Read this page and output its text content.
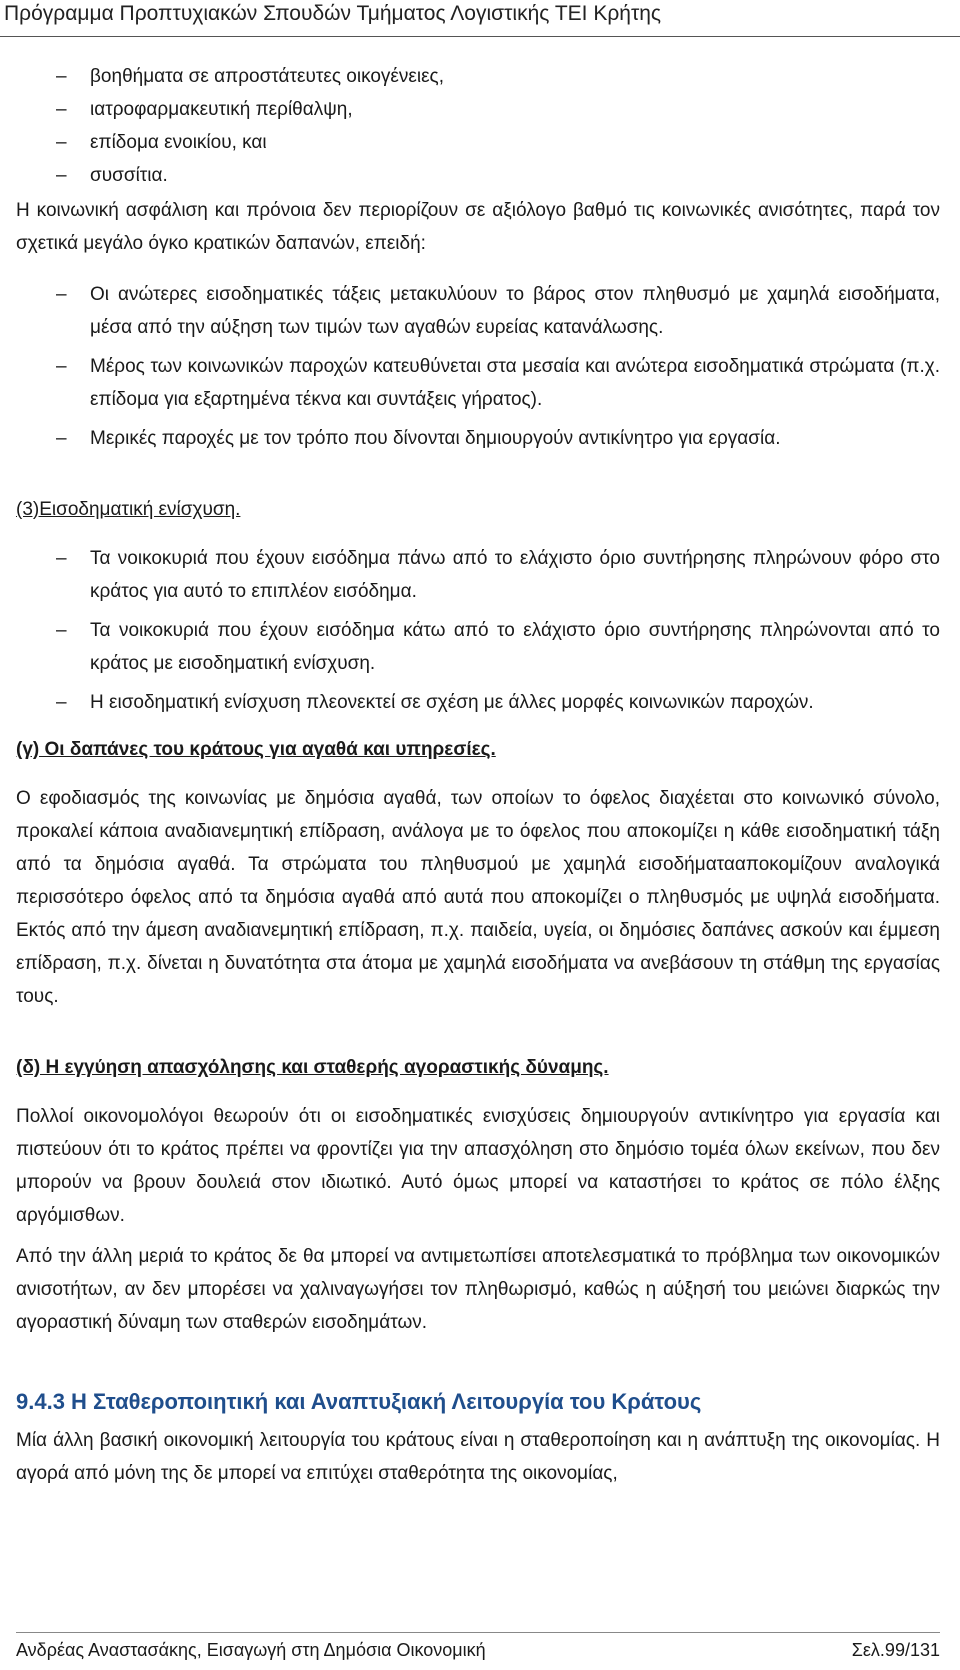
Πρόγραμμα Προπτυχιακών Σπουδών Τμήματος Λογιστικής ΤΕΙ Κρήτης
– βοηθήματα σε απροστάτευτες οικογένειες,
– ιατροφαρμακευτική περίθαλψη,
– επίδομα ενοικίου, και
– συσσίτια.

Η κοινωνική ασφάλιση και πρόνοια δεν περιορίζουν σε αξιόλογο βαθμό τις κοινωνικές ανισότητες, παρά τον σχετικά μεγάλο όγκο κρατικών δαπανών, επειδή:

– Οι ανώτερες εισοδηματικές τάξεις μετακυλύουν το βάρος στον πληθυσμό με χαμηλά εισοδήματα, μέσα από την αύξηση των τιμών των αγαθών ευρείας κατανάλωσης.
– Μέρος των κοινωνικών παροχών κατευθύνεται στα μεσαία και ανώτερα εισοδηματικά στρώματα (π.χ. επίδομα για εξαρτημένα τέκνα και συντάξεις γήρατος).
– Μερικές παροχές με τον τρόπο που δίνονται δημιουργούν αντικίνητρο για εργασία.

(3)Εισοδηματική ενίσχυση.

– Τα νοικοκυριά που έχουν εισόδημα πάνω από το ελάχιστο όριο συντήρησης πληρώνουν φόρο στο κράτος για αυτό το επιπλέον εισόδημα.
– Τα νοικοκυριά που έχουν εισόδημα κάτω από το ελάχιστο όριο συντήρησης πληρώνονται από το κράτος με εισοδηματική ενίσχυση.
– Η εισοδηματική ενίσχυση πλεονεκτεί σε σχέση με άλλες μορφές κοινωνικών παροχών.

(γ) Οι δαπάνες του κράτους για αγαθά και υπηρεσίες.

Ο εφοδιασμός της κοινωνίας με δημόσια αγαθά, των οποίων το όφελος διαχέεται στο κοινωνικό σύνολο, προκαλεί κάποια αναδιανεμητική επίδραση, ανάλογα με το όφελος που αποκομίζει η κάθε εισοδηματική τάξη από τα δημόσια αγαθά. Τα στρώματα του πληθυσμού με χαμηλά εισοδήματααποκομίζουν αναλογικά περισσότερο όφελος από τα δημόσια αγαθά από αυτά που αποκομίζει ο πληθυσμός με υψηλά εισοδήματα. Εκτός από την άμεση αναδιανεμητική επίδραση, π.χ. παιδεία, υγεία, οι δημόσιες δαπάνες ασκούν και έμμεση επίδραση, π.χ. δίνεται η δυνατότητα στα άτομα με χαμηλά εισοδήματα να ανεβάσουν τη στάθμη της εργασίας τους.

(δ) Η εγγύηση απασχόλησης και σταθερής αγοραστικής δύναμης.

Πολλοί οικονομολόγοι θεωρούν ότι οι εισοδηματικές ενισχύσεις δημιουργούν αντικίνητρο για εργασία και πιστεύουν ότι το κράτος πρέπει να φροντίζει για την απασχόληση στο δημόσιο τομέα όλων εκείνων, που δεν μπορούν να βρουν δουλειά στον ιδιωτικό. Αυτό όμως μπορεί να καταστήσει το κράτος σε πόλο έλξης αργόμισθων.

Από την άλλη μεριά το κράτος δε θα μπορεί να αντιμετωπίσει αποτελεσματικά το πρόβλημα των οικονομικών ανισοτήτων, αν δεν μπορέσει να χαλιναγωγήσει τον πληθωρισμό, καθώς η αύξησή του μειώνει διαρκώς την αγοραστική δύναμη των σταθερών εισοδημάτων.

9.4.3 Η Σταθεροποιητική και Αναπτυξιακή Λειτουργία του Κράτους

Μία άλλη βασική οικονομική λειτουργία του κράτους είναι η σταθεροποίηση και η ανάπτυξη της οικονομίας. Η αγορά από μόνη της δε μπορεί να επιτύχει σταθερότητα της οικονομίας,

Ανδρέας Αναστασάκης, Εισαγωγή στη Δημόσια Οικονομική	Σελ.99/131
